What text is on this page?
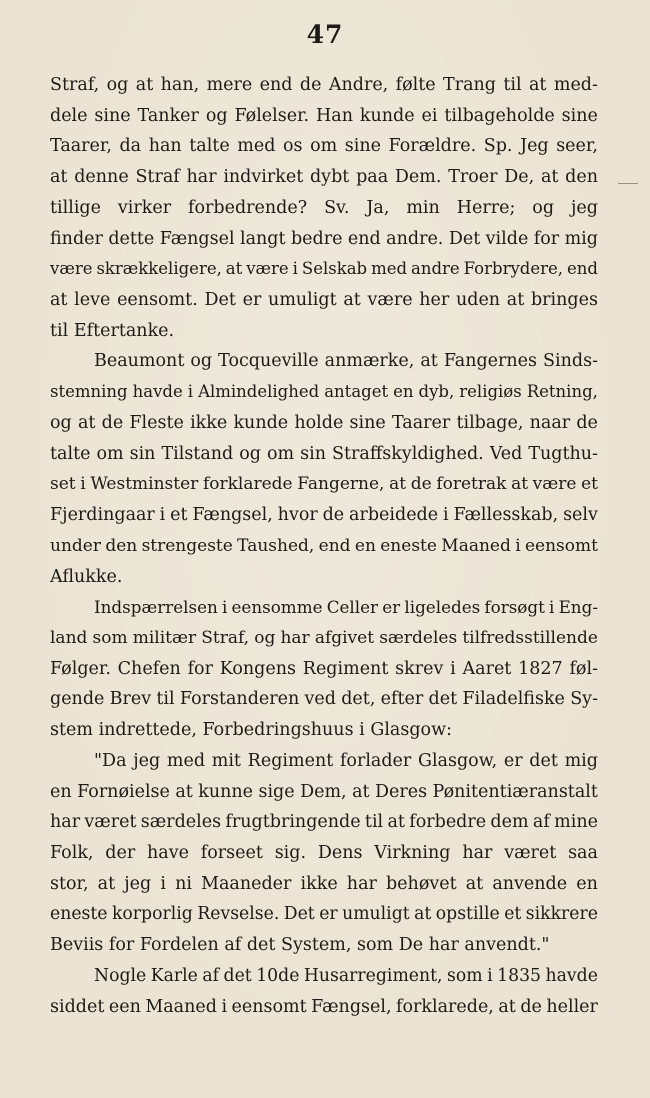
47
Straf, og at han, mere end de Andre, følte Trang til at med-
dele sine Tanker og Følelser. Han kunde ei tilbageholde sine
Taarer, da han talte med os om sine Forældre. Sp. Jeg seer,
at denne Straf har indvirket dybt paa Dem. Troer De, at den
tillige virker forbedrende? Sv. Ja, min Herre; og jeg
finder dette Fængsel langt bedre end andre. Det vilde for mig
være skrækkeligere, at være i Selskab med andre Forbrydere, end
at leve eensomt. Det er umuligt at være her uden at bringes
til Eftertanke.
Beaumont og Tocqueville anmærke, at Fangernes Sinds-
stemning havde i Almindelighed antaget en dyb, religiøs Retning,
og at de Fleste ikke kunde holde sine Taarer tilbage, naar de
talte om sin Tilstand og om sin Straffskyldighed. Ved Tugthu-
set i Westminster forklarede Fangerne, at de foretrak at være et
Fjerdingaar i et Fængsel, hvor de arbeidede i Fællesskab, selv
under den strengeste Taushed, end en eneste Maaned i eensomt
Aflukke.
Indspærrelsen i eensomme Celler er ligeledes forsøgt i Eng-
land som militær Straf, og har afgivet særdeles tilfredsstillende
Følger. Chefen for Kongens Regiment skrev i Aaret 1827 føl-
gende Brev til Forstanderen ved det, efter det Filadelfiske Sy-
stem indrettede, Forbedringshuus i Glasgow:
"Da jeg med mit Regiment forlader Glasgow, er det mig
en Fornøielse at kunne sige Dem, at Deres Pønitentiæranstalt
har været særdeles frugtbringende til at forbedre dem af mine
Folk, der have forseet sig. Dens Virkning har været saa
stor, at jeg i ni Maaneder ikke har behøvet at anvende en
eneste korporlig Revselse. Det er umuligt at opstille et sikkrere
Beviis for Fordelen af det System, som De har anvendt."
Nogle Karle af det 10de Husarregiment, som i 1835 havde
siddet een Maaned i eensomt Fængsel, forklarede, at de heller
